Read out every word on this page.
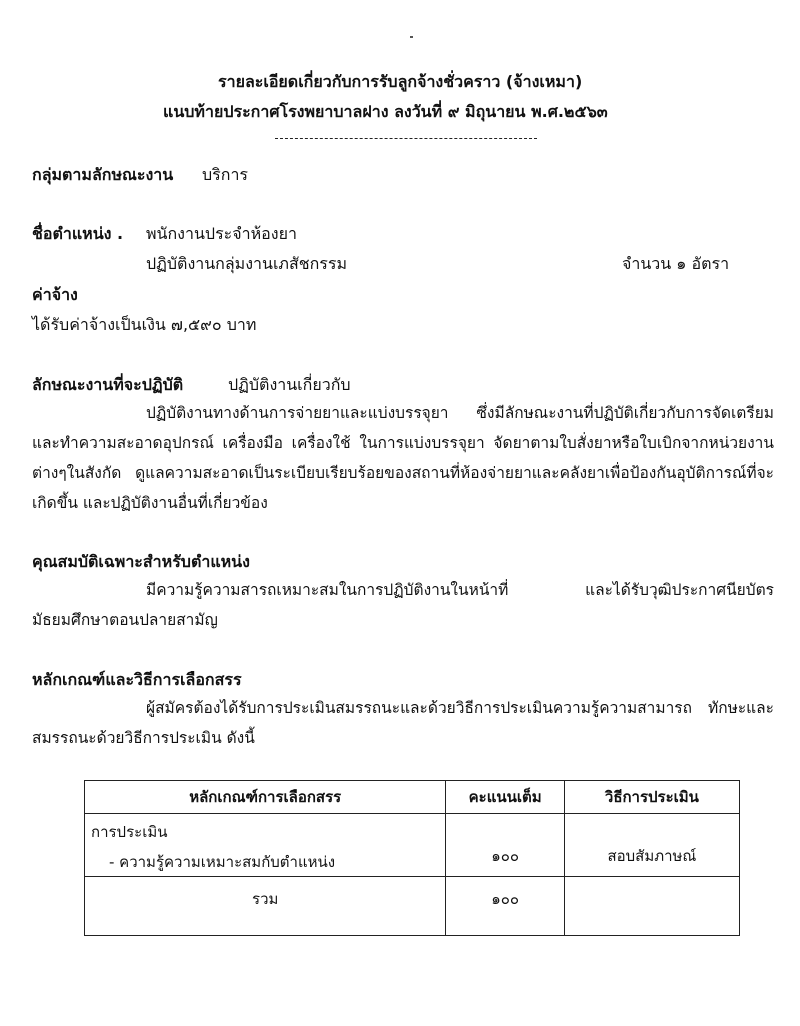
รายละเอียดเกี่ยวกับการรับลูกจ้างชั่วคราว (จ้างเหมา)
แนบท้ายประกาศโรงพยาบาลฝาง ลงวันที่ ๙ มิถุนายน พ.ศ.๒๕๖๓
กลุ่มตามลักษณะงาน บริการ
ชื่อตำแหน่ง . พนักงานประจำห้องยา
ปฏิบัติงานกลุ่มงานเภสัชกรรม	จำนวน ๑ อัตรา
ค่าจ้าง
ได้รับค่าจ้างเป็นเงิน ๗,๕๙๐ บาท
ลักษณะงานที่จะปฏิบัติ	ปฏิบัติงานเกี่ยวกับ
ปฏิบัติงานทางด้านการจ่ายยาและแบ่งบรรจุยา ซึ่งมีลักษณะงานที่ปฏิบัติเกี่ยวกับการจัดเตรียมและทำความสะอาดอุปกรณ์ เครื่องมือ เครื่องใช้ ในการแบ่งบรรจุยา จัดยาตามใบสั่งยาหรือใบเบิกจากหน่วยงานต่างๆในสังกัด ดูแลความสะอาดเป็นระเบียบเรียบร้อยของสถานที่ห้องจ่ายยาและคลังยาเพื่อป้องกันอุบัติการณ์ที่จะเกิดขึ้น และปฏิบัติงานอื่นที่เกี่ยวข้อง
คุณสมบัติเฉพาะสำหรับตำแหน่ง
มีความรู้ความสารถเหมาะสมในการปฏิบัติงานในหน้าที่ และได้รับวุฒิประกาศนียบัตรมัธยมศึกษาตอนปลายสามัญ
หลักเกณฑ์และวิธีการเลือกสรร
ผู้สมัครต้องได้รับการประเมินสมรรถนะและด้วยวิธีการประเมินความรู้ความสามารถ ทักษะและสมรรถนะด้วยวิธีการประเมิน ดังนี้
หลักเกณฑ์การเลือกสรร	คะแนนเต็ม	วิธีการประเมิน

การประเมิน
- ความรู้ความเหมาะสมกับตำแหน่ง	๑๐๐	สอบสัมภาษณ์

รวม	๑๐๐	
